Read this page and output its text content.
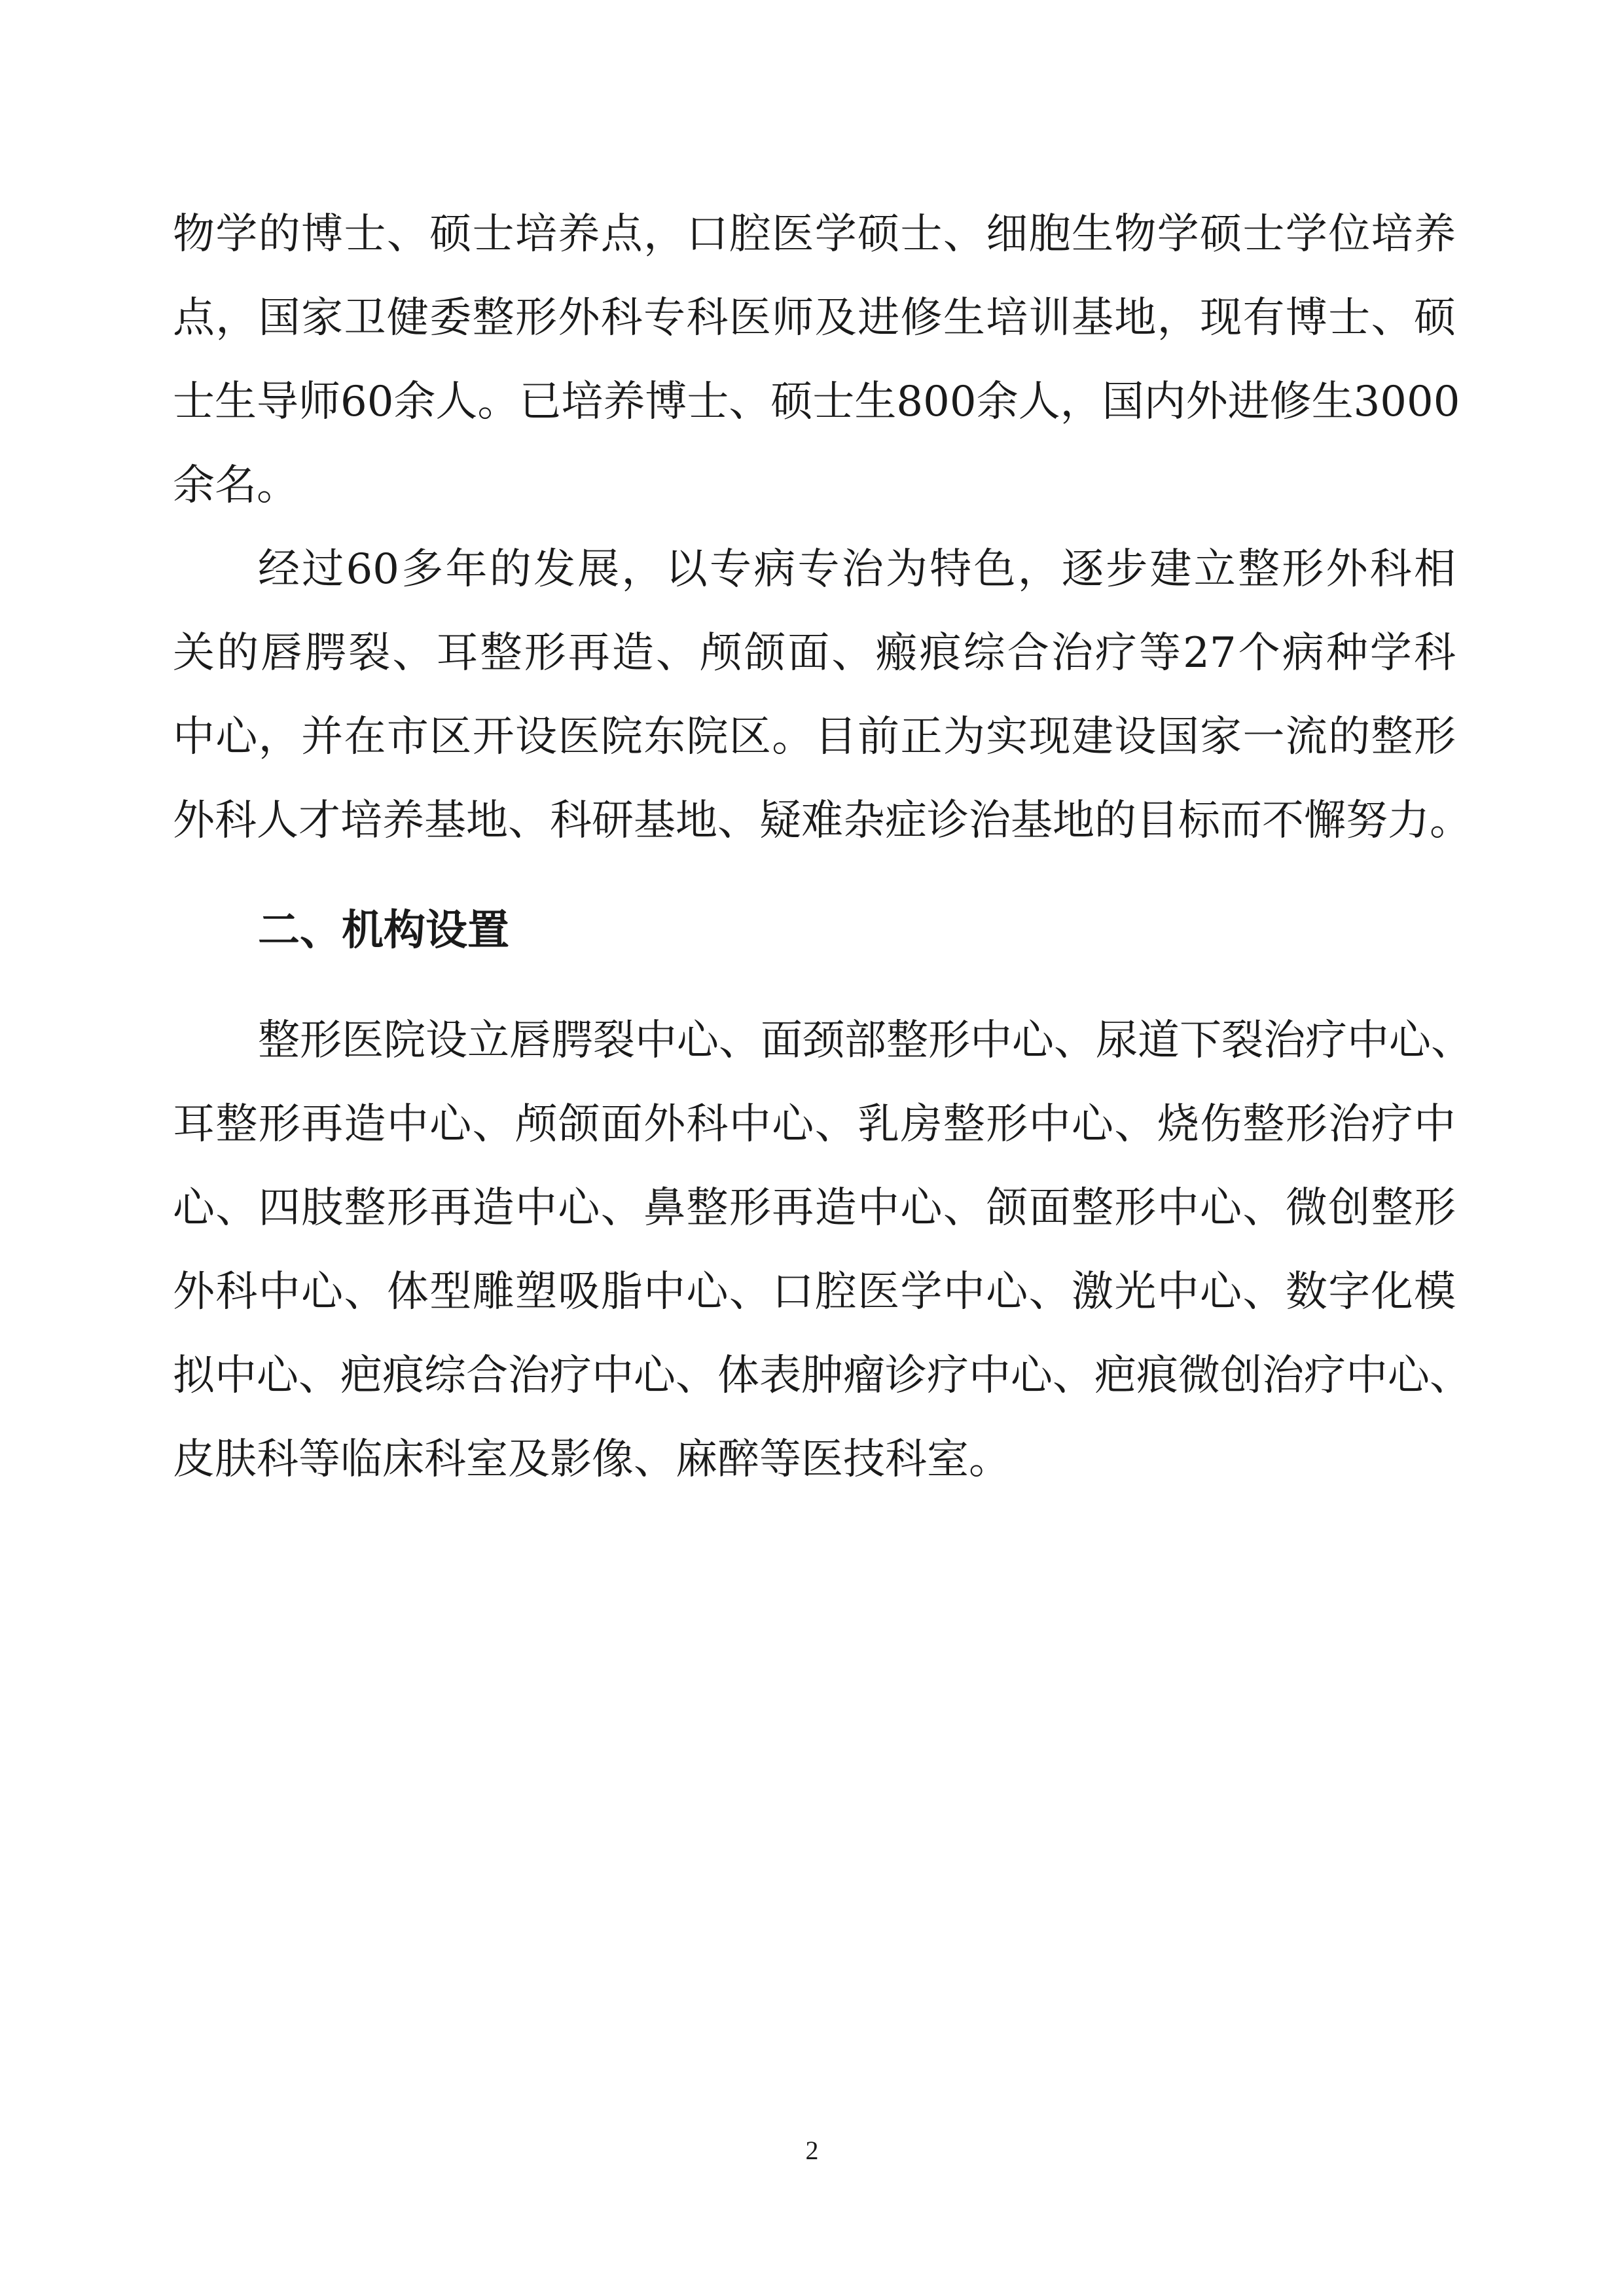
物学的博士、硕士培养点，口腔医学硕士、细胞生物学硕士学位培养
点，国家卫健委整形外科专科医师及进修生培训基地，现有博士、硕
士生导师60余人。已培养博士、硕士生800余人，国内外进修生3000
余名。
经过60多年的发展，以专病专治为特色，逐步建立整形外科相
关的唇腭裂、耳整形再造、颅颌面、瘢痕综合治疗等27个病种学科
中心，并在市区开设医院东院区。目前正为实现建设国家一流的整形
外科人才培养基地、科研基地、疑难杂症诊治基地的目标而不懈努力。
二、机构设置
整形医院设立唇腭裂中心、面颈部整形中心、尿道下裂治疗中心、
耳整形再造中心、颅颌面外科中心、乳房整形中心、烧伤整形治疗中
心、四肢整形再造中心、鼻整形再造中心、颌面整形中心、微创整形
外科中心、体型雕塑吸脂中心、口腔医学中心、激光中心、数字化模
拟中心、疤痕综合治疗中心、体表肿瘤诊疗中心、疤痕微创治疗中心、
皮肤科等临床科室及影像、麻醉等医技科室。
2
